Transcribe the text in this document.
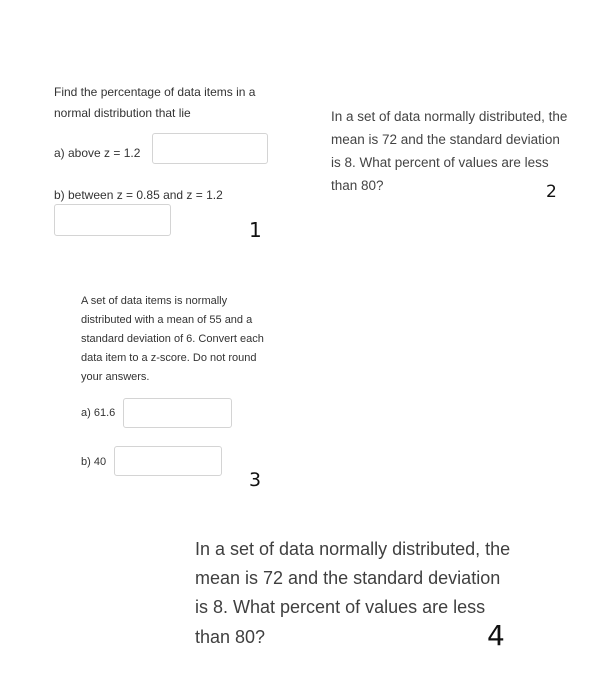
Find the percentage of data items in a
normal distribution that lie
a) above z = 1.2
b) between z = 0.85 and z = 1.2
1
In a set of data normally distributed, the
mean is 72 and the standard deviation
is 8. What percent of values are less
than 80?	2
A set of data items is normally
distributed with a mean of 55 and a
standard deviation of 6. Convert each
data item to a z-score. Do not round
your answers.
a) 61.6
b) 40
3
In a set of data normally distributed, the
mean is 72 and the standard deviation
is 8. What percent of values are less
than 80?	4
